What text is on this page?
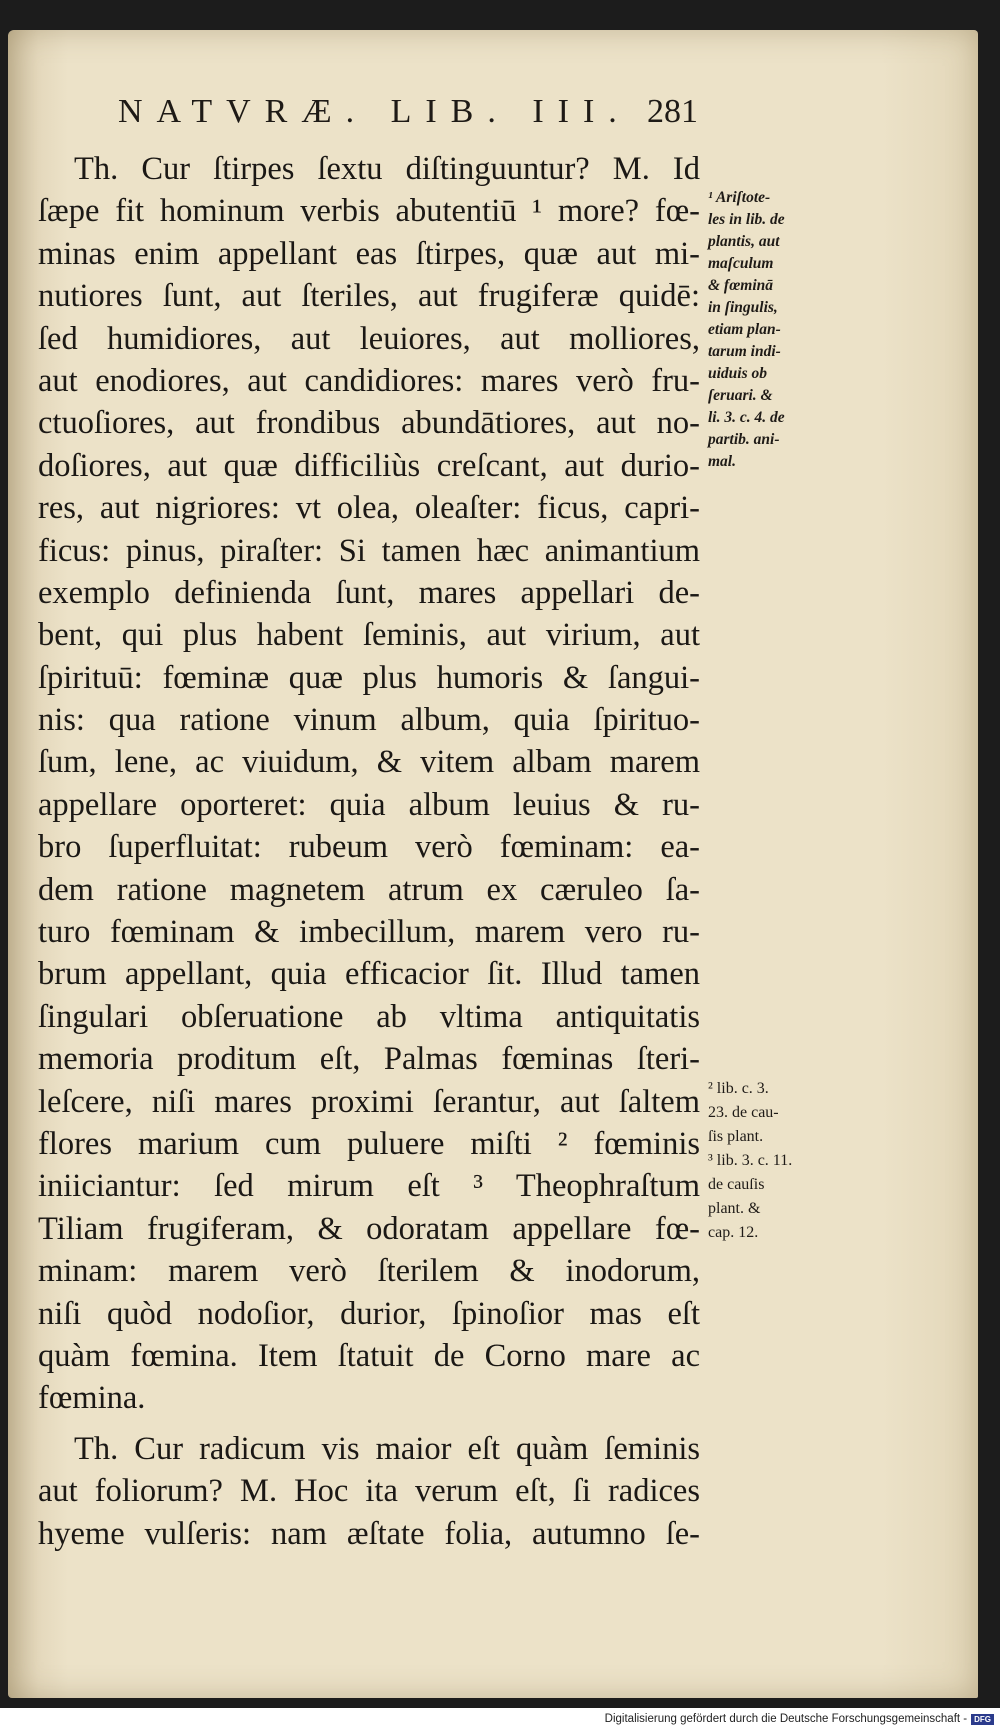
NATVRÆ. LIB. III. 281
Th. Cur ſtirpes ſextu diſtinguuntur? M. Id
ſæpe fit hominum verbis abutentiū ¹ more? fœ-
minas enim appellant eas ſtirpes, quæ aut mi-
nutiores ſunt, aut ſteriles, aut frugiferæ quidē:
ſed humidiores, aut leuiores, aut molliores,
aut enodiores, aut candidiores: mares verò fru-
ctuoſiores, aut frondibus abundātiores, aut no-
doſiores, aut quæ difficiliùs creſcant, aut durio-
res, aut nigriores: vt olea, oleaſter: ficus, capri-
ficus: pinus, piraſter: Si tamen hæc animantium
exemplo definienda ſunt, mares appellari de-
bent, qui plus habent ſeminis, aut virium, aut
ſpirituū: fœminæ quæ plus humoris & ſangui-
nis: qua ratione vinum album, quia ſpirituo-
ſum, lene, ac viuidum, & vitem albam marem
appellare oporteret: quia album leuius & ru-
bro ſuperfluitat: rubeum verò fœminam: ea-
dem ratione magnetem atrum ex cæruleo ſa-
turo fœminam & imbecillum, marem vero ru-
brum appellant, quia efficacior ſit. Illud tamen
ſingulari obſeruatione ab vltima antiquitatis
memoria proditum eſt, Palmas fœminas ſteri-
leſcere, niſi mares proximi ſerantur, aut ſaltem
flores marium cum puluere miſti ² fœminis
iniiciantur: ſed mirum eſt ³ Theophraſtum
Tiliam frugiferam, & odoratam appellare fœ-
minam: marem verò ſterilem & inodorum,
niſi quòd nodoſior, durior, ſpinoſior mas eſt
quàm fœmina. Item ſtatuit de Corno mare ac
fœmina.
Th. Cur radicum vis maior eſt quàm ſeminis
aut foliorum? M. Hoc ita verum eſt, ſi radices
hyeme vulſeris: nam æſtate folia, autumno ſe-
¹ Ariſtote-
les in lib. de
plantis, aut
maſculum
& fœminā
in ſingulis,
etiam plan-
tarum indi-
uiduis ob
ſeruari. &
li. 3. c. 4. de
partib. ani-
mal.
² lib. c. 3.
23. de cau-
ſis plant.
³ lib. 3. c. 11.
de cauſis
plant. &
cap. 12.
Digitalisierung gefördert durch die Deutsche Forschungsgemeinschaft - DFG
